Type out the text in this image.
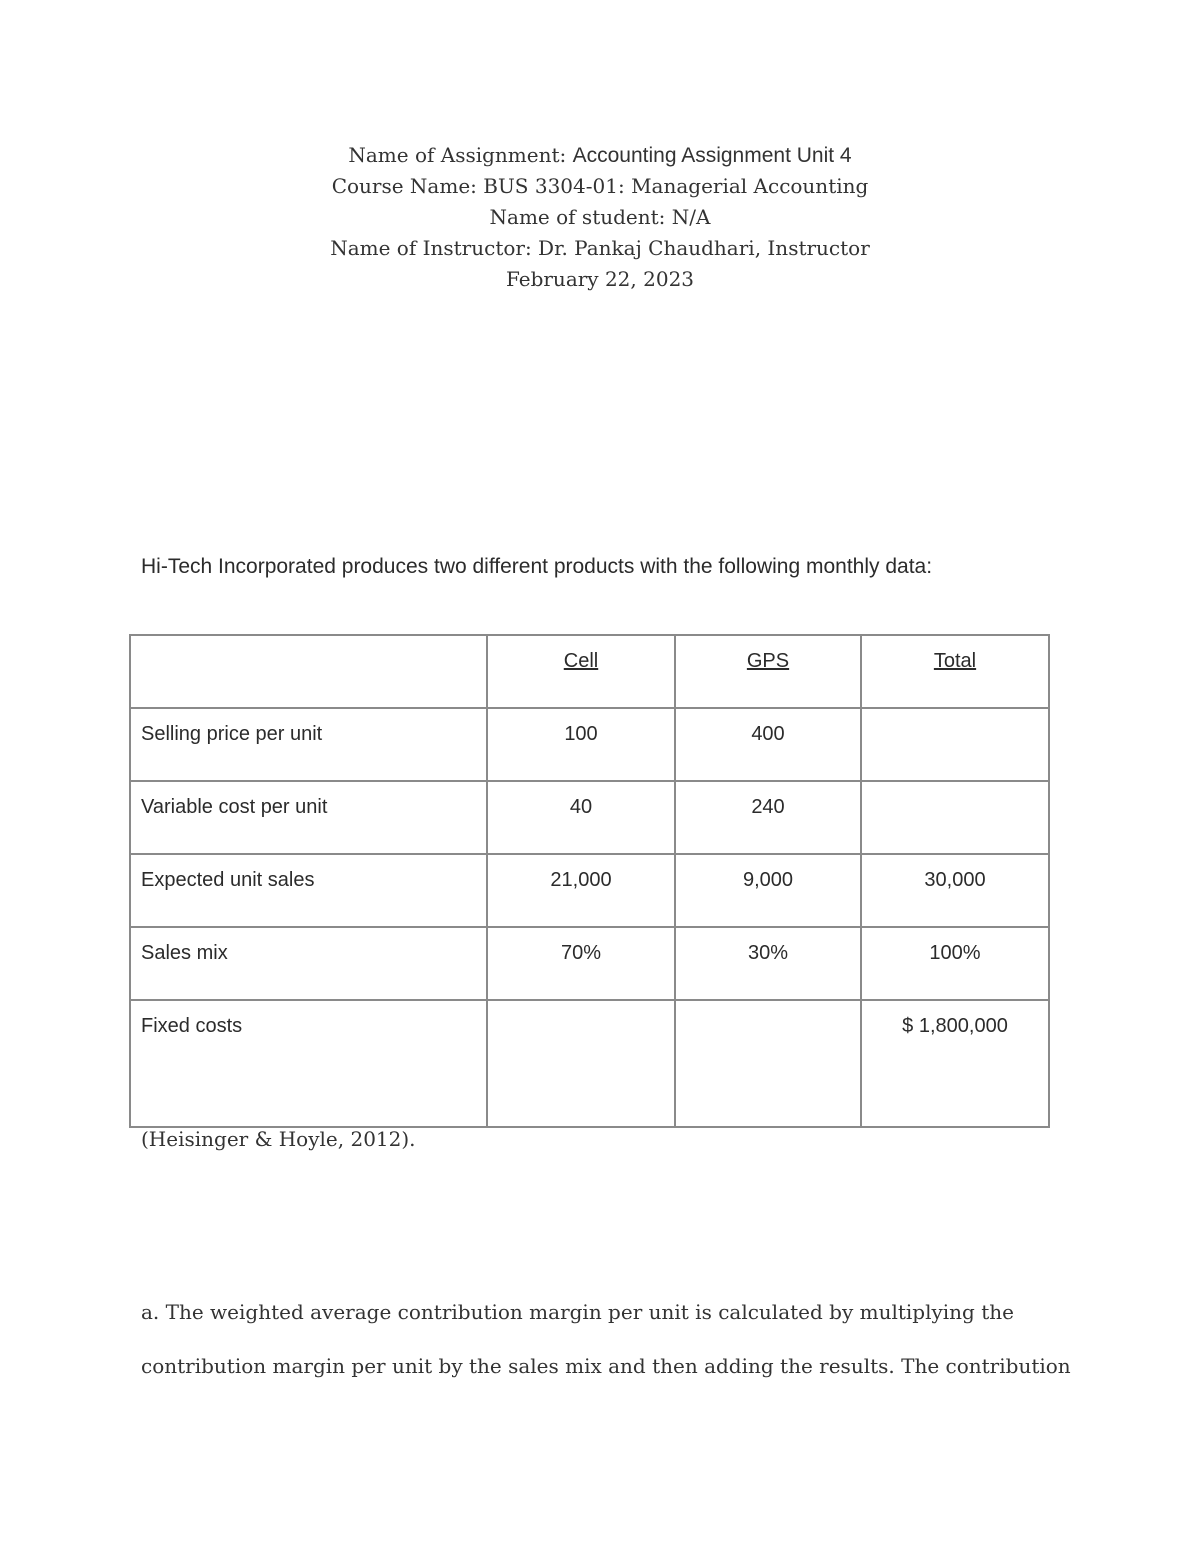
Name of Assignment: Accounting Assignment Unit 4
Course Name: BUS 3304-01: Managerial Accounting
Name of student: N/A
Name of Instructor: Dr. Pankaj Chaudhari, Instructor
February 22, 2023
Hi-Tech Incorporated produces two different products with the following monthly data:

	Cell	GPS	Total

Selling price per unit	100	400	

Variable cost per unit	40	240	

Expected unit sales	21,000	9,000	30,000

Sales mix	70%	30%	100%

Fixed costs			$ 1,800,000
(Heisinger & Hoyle, 2012).
a. The weighted average contribution margin per unit is calculated by multiplying the
contribution margin per unit by the sales mix and then adding the results. The contribution
